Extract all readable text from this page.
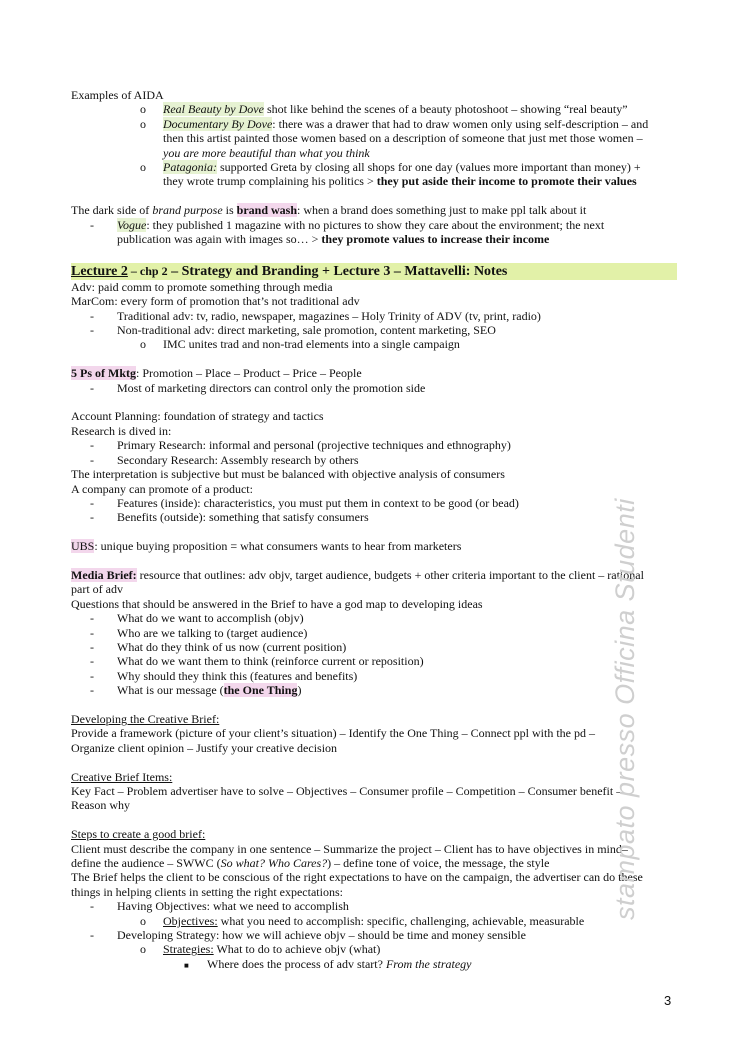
Examples of AIDA
o Real Beauty by Dove shot like behind the scenes of a beauty photoshoot – showing “real beauty”
o Documentary By Dove: there was a drawer that had to draw women only using self-description – and
then this artist painted those women based on a description of someone that just met those women –
you are more beautiful than what you think
o Patagonia: supported Greta by closing all shops for one day (values more important than money) +
they wrote trump complaining his politics > they put aside their income to promote their values
The dark side of brand purpose is brand wash: when a brand does something just to make ppl talk about it
- Vogue: they published 1 magazine with no pictures to show they care about the environment; the next
publication was again with images so… > they promote values to increase their income
Lecture 2 – chp 2 – Strategy and Branding + Lecture 3 – Mattavelli: Notes
Adv: paid comm to promote something through media
MarCom: every form of promotion that’s not traditional adv
- Traditional adv: tv, radio, newspaper, magazines – Holy Trinity of ADV (tv, print, radio)
- Non-traditional adv: direct marketing, sale promotion, content marketing, SEO
o IMC unites trad and non-trad elements into a single campaign
5 Ps of Mktg: Promotion – Place – Product – Price – People
- Most of marketing directors can control only the promotion side
Account Planning: foundation of strategy and tactics
Research is dived in:
- Primary Research: informal and personal (projective techniques and ethnography)
- Secondary Research: Assembly research by others
The interpretation is subjective but must be balanced with objective analysis of consumers
A company can promote of a product:
- Features (inside): characteristics, you must put them in context to be good (or bead)
- Benefits (outside): something that satisfy consumers
UBS: unique buying proposition = what consumers wants to hear from marketers
Media Brief: resource that outlines: adv objv, target audience, budgets + other criteria important to the client – rational
part of adv
Questions that should be answered in the Brief to have a god map to developing ideas
- What do we want to accomplish (objv)
- Who are we talking to (target audience)
- What do they think of us now (current position)
- What do we want them to think (reinforce current or reposition)
- Why should they think this (features and benefits)
- What is our message (the One Thing)
Developing the Creative Brief:
Provide a framework (picture of your client’s situation) – Identify the One Thing – Connect ppl with the pd –
Organize client opinion – Justify your creative decision
Creative Brief Items:
Key Fact – Problem advertiser have to solve – Objectives – Consumer profile – Competition – Consumer benefit –
Reason why
Steps to create a good brief:
Client must describe the company in one sentence – Summarize the project – Client has to have objectives in mind–
define the audience – SWWC (So what? Who Cares?) – define tone of voice, the message, the style
The Brief helps the client to be conscious of the right expectations to have on the campaign, the advertiser can do these
things in helping clients in setting the right expectations:
- Having Objectives: what we need to accomplish
o Objectives: what you need to accomplish: specific, challenging, achievable, measurable
- Developing Strategy: how we will achieve objv – should be time and money sensible
o Strategies: What to do to achieve objv (what)
■ Where does the process of adv start? From the strategy
stampato presso Officina Studenti
3
